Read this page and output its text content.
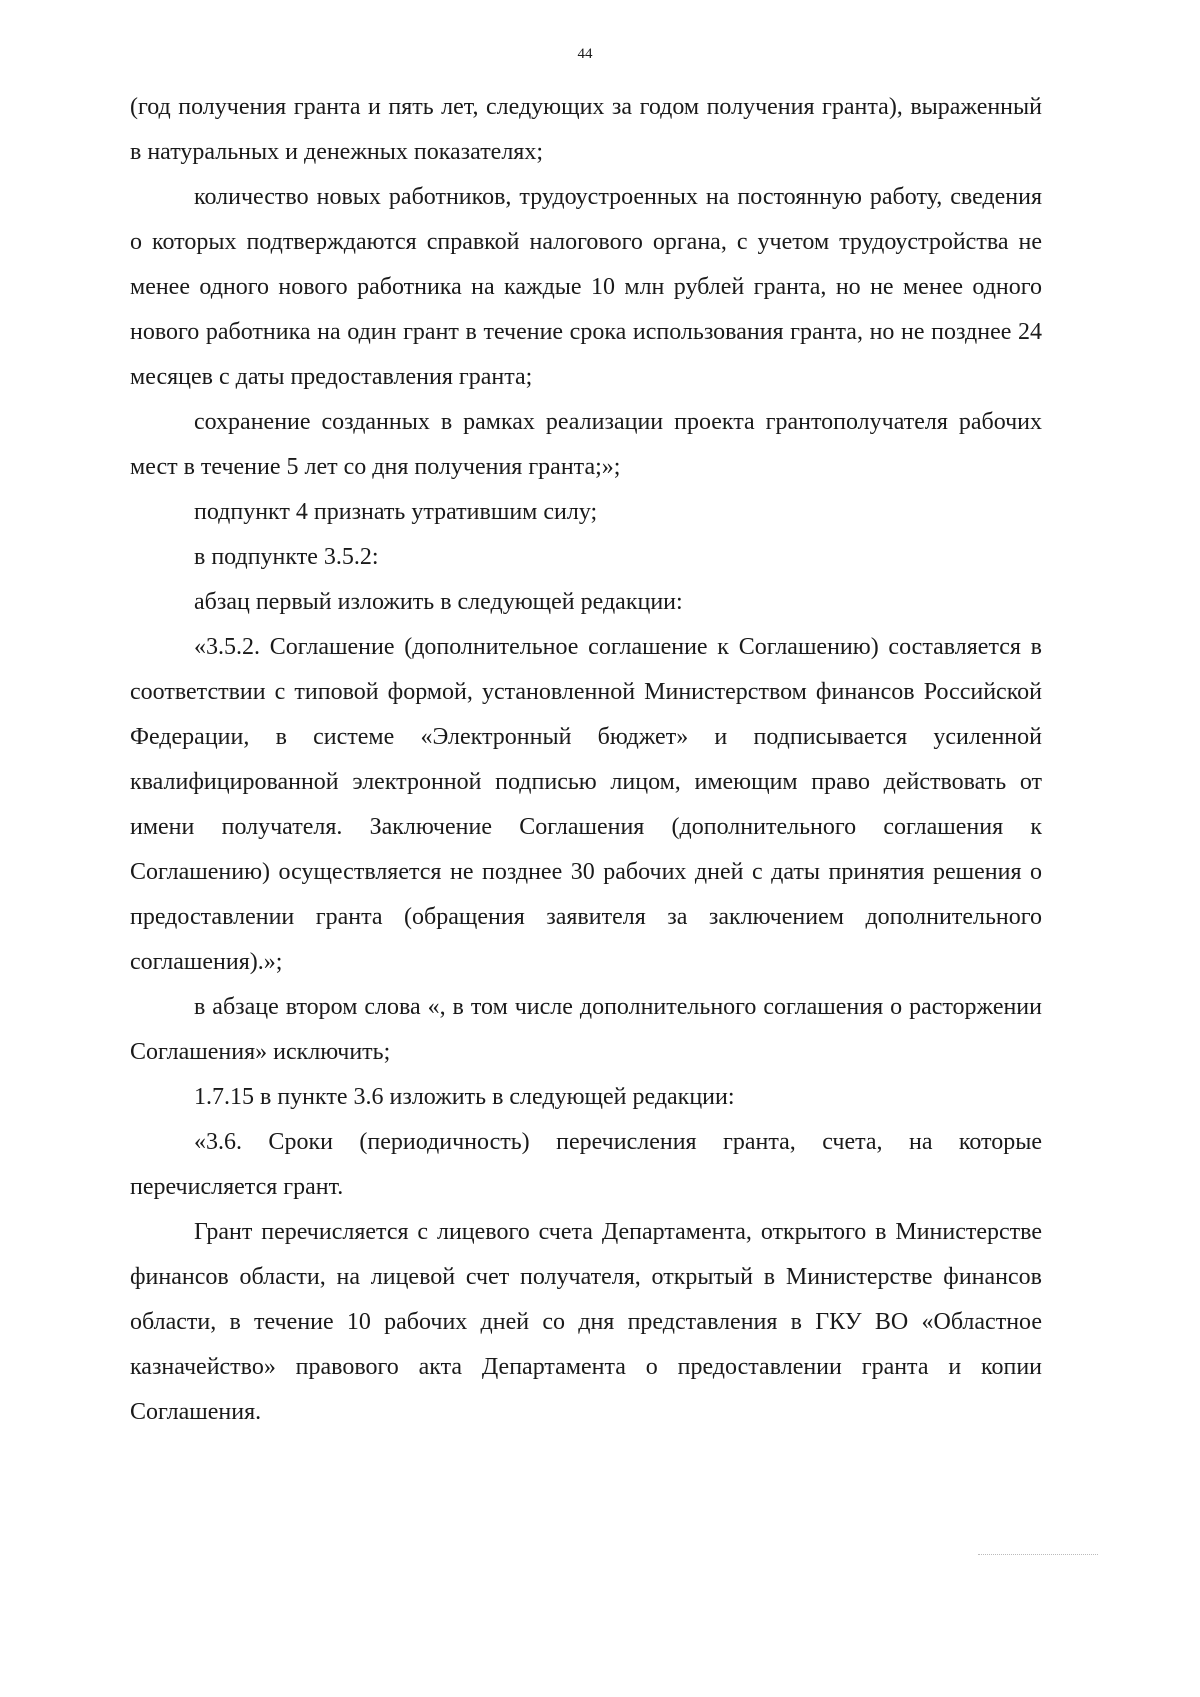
44

(год получения гранта и пять лет, следующих за годом получения гранта), выраженный в натуральных и денежных показателях;

количество новых работников, трудоустроенных на постоянную работу, сведения о которых подтверждаются справкой налогового органа, с учетом трудоустройства не менее одного нового работника на каждые 10 млн рублей гранта, но не менее одного нового работника на один грант в течение срока использования гранта, но не позднее 24 месяцев с даты предоставления гранта;

сохранение созданных в рамках реализации проекта грантополучателя рабочих мест в течение 5 лет со дня получения гранта;»;

подпункт 4 признать утратившим силу;

в подпункте 3.5.2:

абзац первый изложить в следующей редакции:

«3.5.2. Соглашение (дополнительное соглашение к Соглашению) составляется в соответствии с типовой формой, установленной Министерством финансов Российской Федерации, в системе «Электронный бюджет» и подписывается усиленной квалифицированной электронной подписью лицом, имеющим право действовать от имени получателя. Заключение Соглашения (дополнительного соглашения к Соглашению) осуществляется не позднее 30 рабочих дней с даты принятия решения о предоставлении гранта (обращения заявителя за заключением дополнительного соглашения).»;

в абзаце втором слова «, в том числе дополнительного соглашения о расторжении Соглашения» исключить;

1.7.15 в пункте 3.6 изложить в следующей редакции:

«3.6. Сроки (периодичность) перечисления гранта, счета, на которые перечисляется грант.

Грант перечисляется с лицевого счета Департамента, открытого в Министерстве финансов области, на лицевой счет получателя, открытый в Министерстве финансов области, в течение 10 рабочих дней со дня представления в ГКУ ВО «Областное казначейство» правового акта Департамента о предоставлении гранта и копии Соглашения.
